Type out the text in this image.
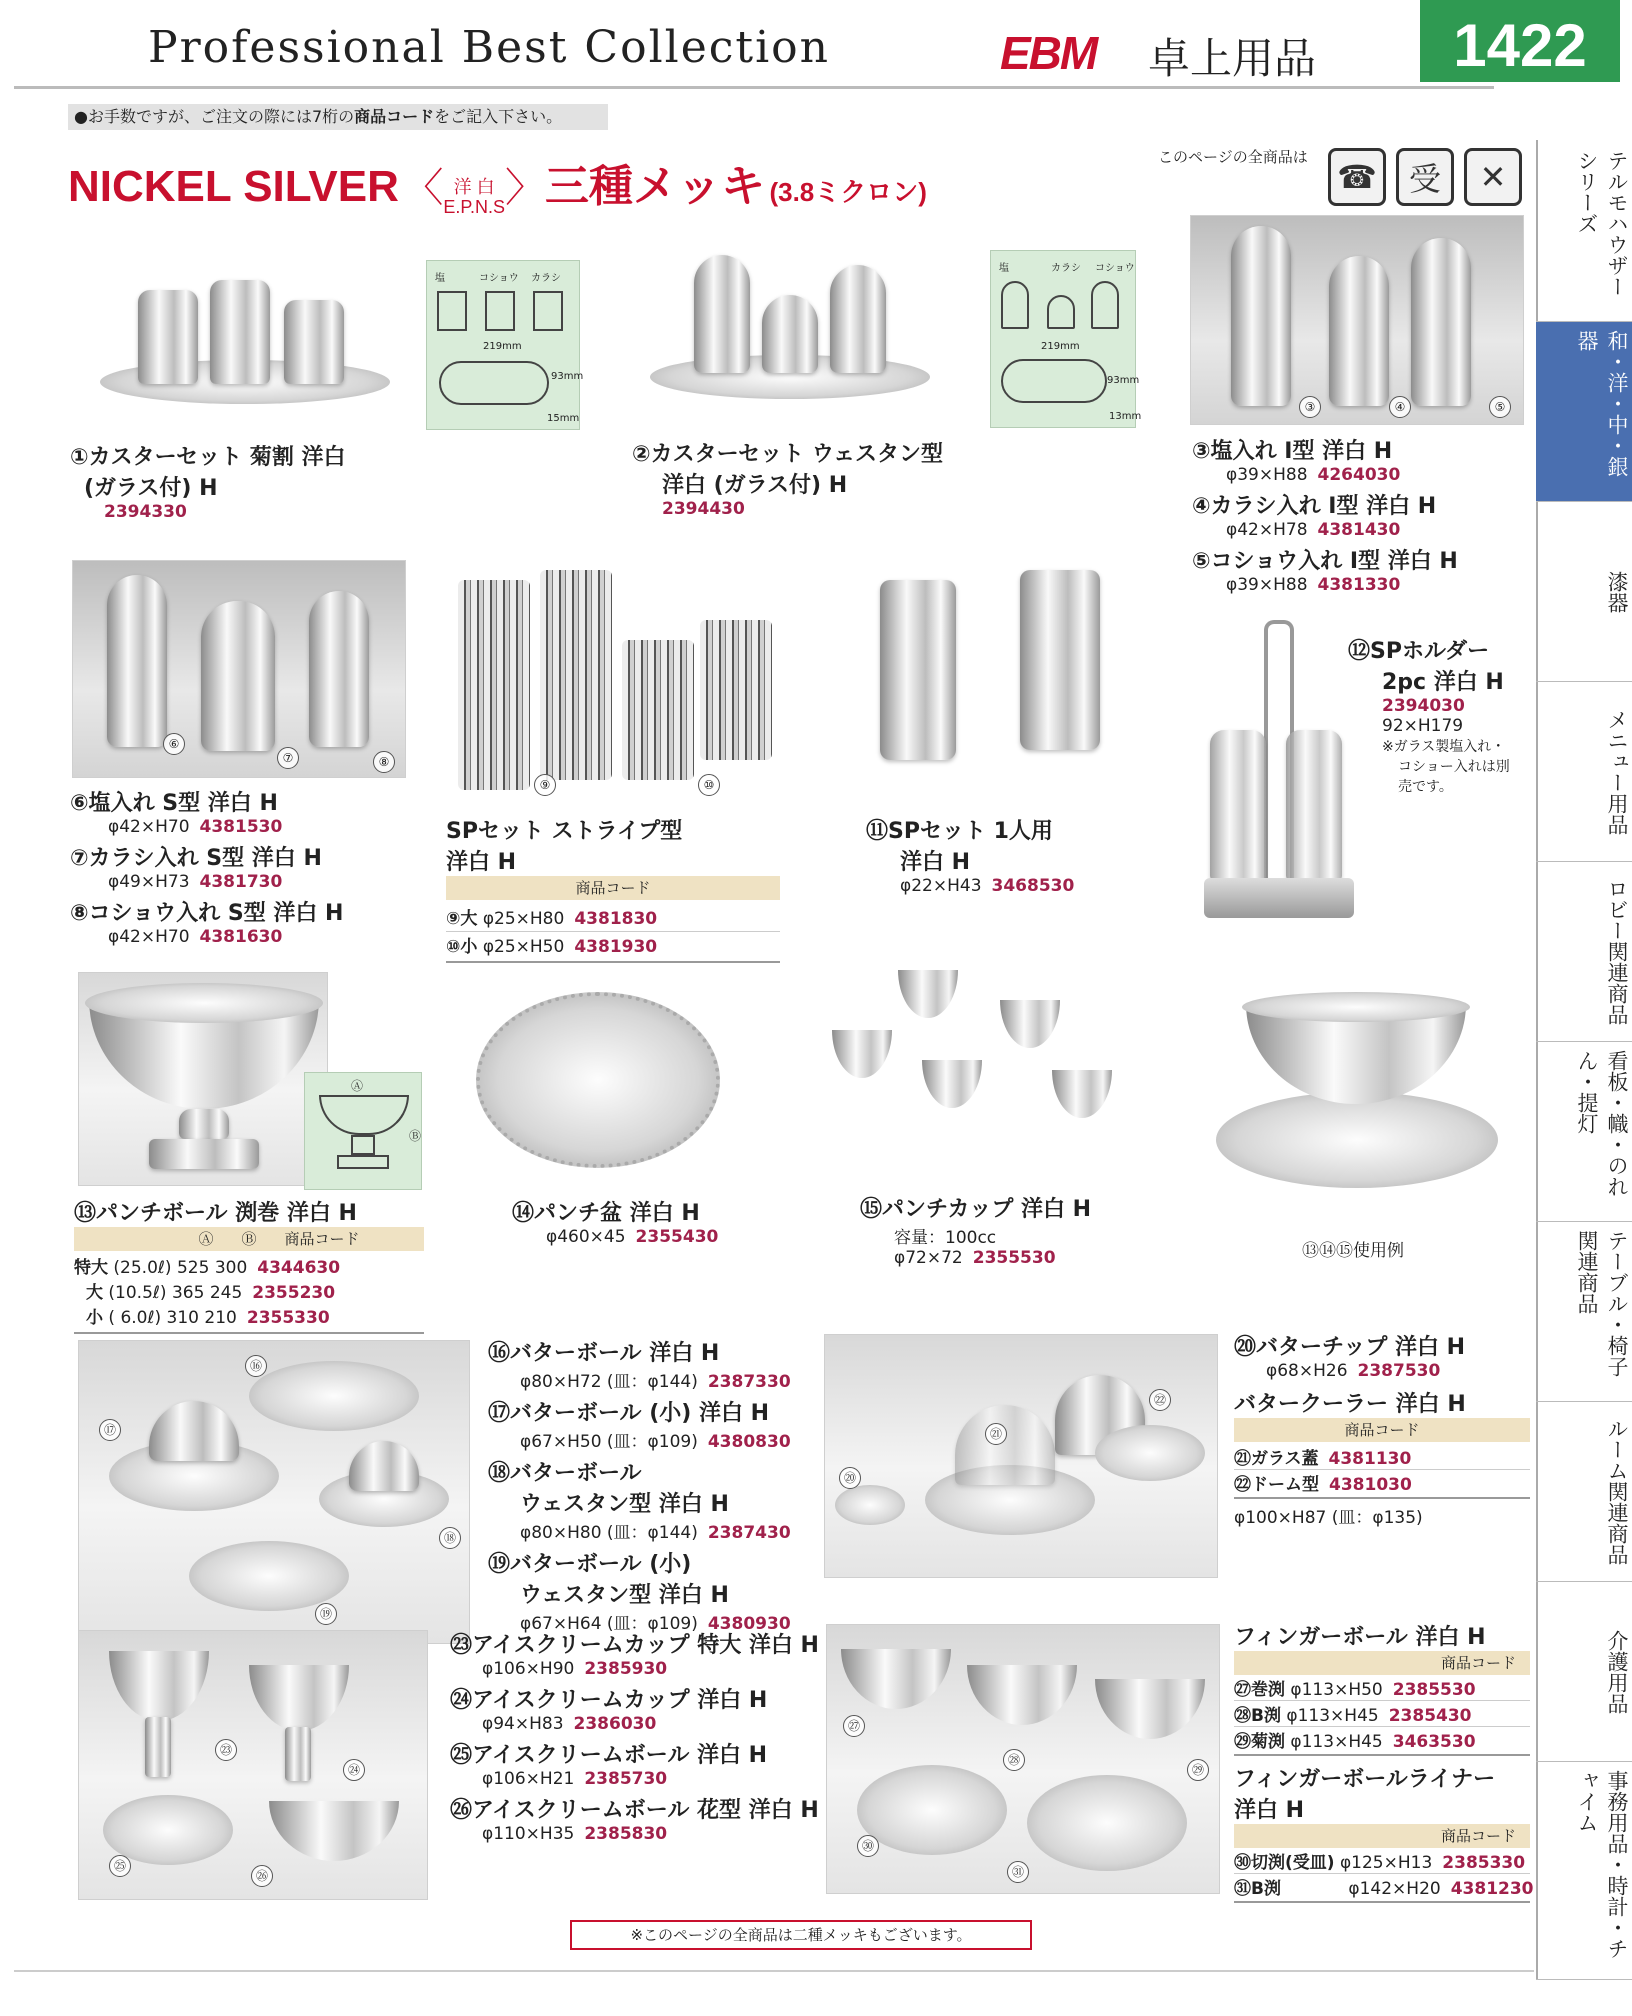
Professional Best Collection	EBM 卓上用品	1422
●お手数ですが、ご注文の際には7桁の商品コードをご記入下さい。
NICKEL SILVER 〈 洋 白
E.P.N.S〉三種メッキ (3.8ミクロン)
このページの全商品は
☎	受	✕
塩	コショウ カラシ
219mm
93mm
15mm
塩	カラシ コショウ
219mm
93mm
13mm
③	④	⑤
①カスターセット 菊割 洋白
(ガラス付) H
2394330
②カスターセット ウェスタン型
洋白 (ガラス付) H
2394430
③塩入れ Ⅰ型 洋白 H
φ39×H88 4264030
④カラシ入れ Ⅰ型 洋白 H
φ42×H78 4381430
⑤コショウ入れ Ⅰ型 洋白 H
φ39×H88 4381330
⑥
⑦	⑧
⑨	⑩
⑥塩入れ S型 洋白 H
φ42×H70 4381530
⑦カラシ入れ S型 洋白 H
φ49×H73 4381730
⑧コショウ入れ S型 洋白 H
φ42×H70 4381630
SPセット ストライプ型
洋白 H
商品コード
⑨大 φ25×H80 4381830
⑩小 φ25×H50 4381930
⑪SPセット 1人用
洋白 H
φ22×H43 3468530
⑫SPホルダー
2pc 洋白 H
2394030
92×H179
※ガラス製塩入れ・
コショー入れは別
売です。
Ⓐ
Ⓑ
⑬パンチボール 渕巻 洋白 H
Ⓐ Ⓑ 商品コード
特大 (25.0ℓ) 525 300 4344630
大 (10.5ℓ) 365 245 2355230
小 ( 6.0ℓ) 310 210 2355330
⑭パンチ盆 洋白 H
φ460×45 2355430
⑮パンチカップ 洋白 H
容量：100cc
φ72×72 2355530	⑬⑭⑮使用例
⑯
⑰
⑱
⑲
⑯バターボール 洋白 H
φ80×H72 (皿：φ144) 2387330
⑰バターボール (小) 洋白 H
φ67×H50 (皿：φ109) 4380830
⑱バターボール
ウェスタン型 洋白 H
φ80×H80 (皿：φ144) 2387430
⑲バターボール (小)
ウェスタン型 洋白 H
φ67×H64 (皿：φ109) 4380930
⑳
㉑
㉒
⑳バターチップ 洋白 H
φ68×H26 2387530
バタークーラー 洋白 H
商品コード
㉑ガラス蓋 4381130
㉒ドーム型 4381030
φ100×H87 (皿：φ135)
㉓
㉔
㉕
㉖
㉓アイスクリームカップ 特大 洋白 H
φ106×H90 2385930
㉔アイスクリームカップ 洋白 H
φ94×H83 2386030
㉕アイスクリームボール 洋白 H
φ106×H21 2385730
㉖アイスクリームボール 花型 洋白 H
φ110×H35 2385830
㉗
㉘
㉙
㉚
㉛
フィンガーボール 洋白 H
商品コード
㉗巻渕 φ113×H50 2385530
㉘B渕 φ113×H45 2385430
㉙菊渕 φ113×H45 3463530
フィンガーボールライナー
洋白 H
商品コード
㉚切渕(受皿) φ125×H13 2385330
㉛B渕	φ142×H20 4381230
テルモハウザーシリーズ
和・洋・中・銀器
漆器
メニュー用品
ロビー関連商品
看板・幟・のれん・提灯
テーブル・椅子関連商品
ルーム関連商品
介護用品
事務用品・時計・チャイム
※このページの全商品は二種メッキもございます。
